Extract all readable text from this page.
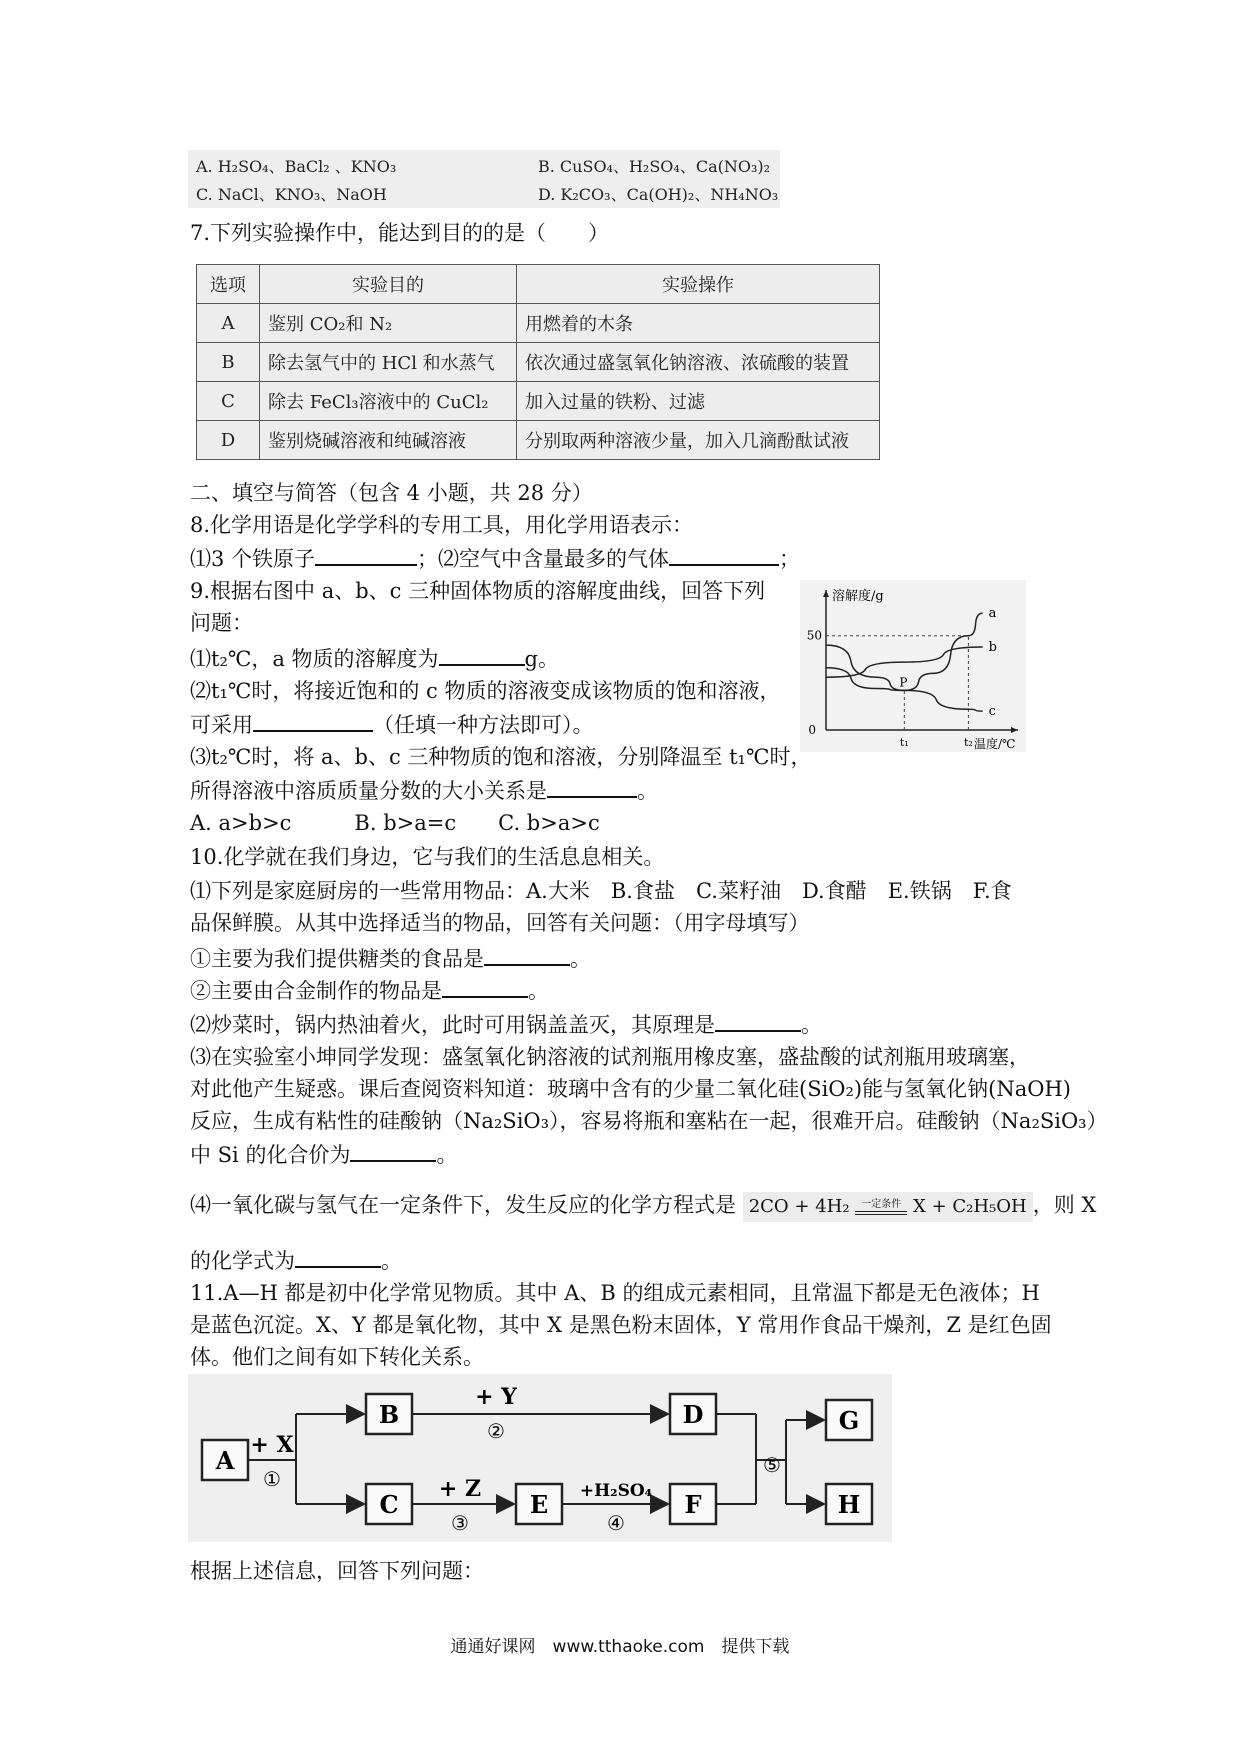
A. H₂SO₄、BaCl₂ 、KNO₃	B. CuSO₄、H₂SO₄、Ca(NO₃)₂
C. NaCl、KNO₃、NaOH	D. K₂CO₃、Ca(OH)₂、NH₄NO₃
7.下列实验操作中，能达到目的的是（　　）
选项	实验目的	实验操作
A	鉴别 CO₂和 N₂	用燃着的木条
B	除去氢气中的 HCl 和水蒸气	依次通过盛氢氧化钠溶液、浓硫酸的装置
C	除去 FeCl₃溶液中的 CuCl₂	加入过量的铁粉、过滤
D	鉴别烧碱溶液和纯碱溶液	分别取两种溶液少量，加入几滴酚酞试液
二、填空与简答（包含 4 小题，共 28 分）
8.化学用语是化学学科的专用工具，用化学用语表示：
⑴3 个铁原子	；⑵空气中含量最多的气体	；
9.根据右图中 a、b、c 三种固体物质的溶解度曲线，回答下列
问题：
⑴t₂℃，a 物质的溶解度为	g。
⑵t₁℃时，将接近饱和的 c 物质的溶液变成该物质的饱和溶液，
可采用	（任填一种方法即可）。
⑶t₂℃时，将 a、b、c 三种物质的饱和溶液，分别降温至 t₁℃时，
所得溶液中溶质质量分数的大小关系是	。
A. a>b>c　　　B. b>a=c　　C. b>a>c
溶解度/g
温度/℃
0
t₁	t₂
50
a
b
c
P
10.化学就在我们身边，它与我们的生活息息相关。
⑴下列是家庭厨房的一些常用物品：A.大米　B.食盐　C.菜籽油　D.食醋　E.铁锅　F.食
品保鲜膜。从其中选择适当的物品，回答有关问题：（用字母填写）
①主要为我们提供糖类的食品是	。
②主要由合金制作的物品是	。
⑵炒菜时，锅内热油着火，此时可用锅盖盖灭，其原理是	。
⑶在实验室小坤同学发现：盛氢氧化钠溶液的试剂瓶用橡皮塞，盛盐酸的试剂瓶用玻璃塞，
对此他产生疑惑。课后查阅资料知道：玻璃中含有的少量二氧化硅(SiO₂)能与氢氧化钠(NaOH)
反应，生成有粘性的硅酸钠（Na₂SiO₃），容易将瓶和塞粘在一起，很难开启。硅酸钠（Na₂SiO₃）
中 Si 的化合价为	。
⑷一氧化碳与氢气在一定条件下，发生反应的化学方程式是 2CO + 4H₂	一定条件 X + C₂H₅OH ，则 X
的化学式为	。
11.A—H 都是初中化学常见物质。其中 A、B 的组成元素相同，且常温下都是无色液体；H
是蓝色沉淀。X、Y 都是氧化物，其中 X 是黑色粉末固体，Y 常用作食品干燥剂，Z 是红色固
体。他们之间有如下转化关系。
A
B
C
D
E	F
G
H
+ X
①
+ Y
②
+ Z
③
+H₂SO₄
④
⑤
根据上述信息，回答下列问题：
通通好课网　www.tthaoke.com　提供下载
